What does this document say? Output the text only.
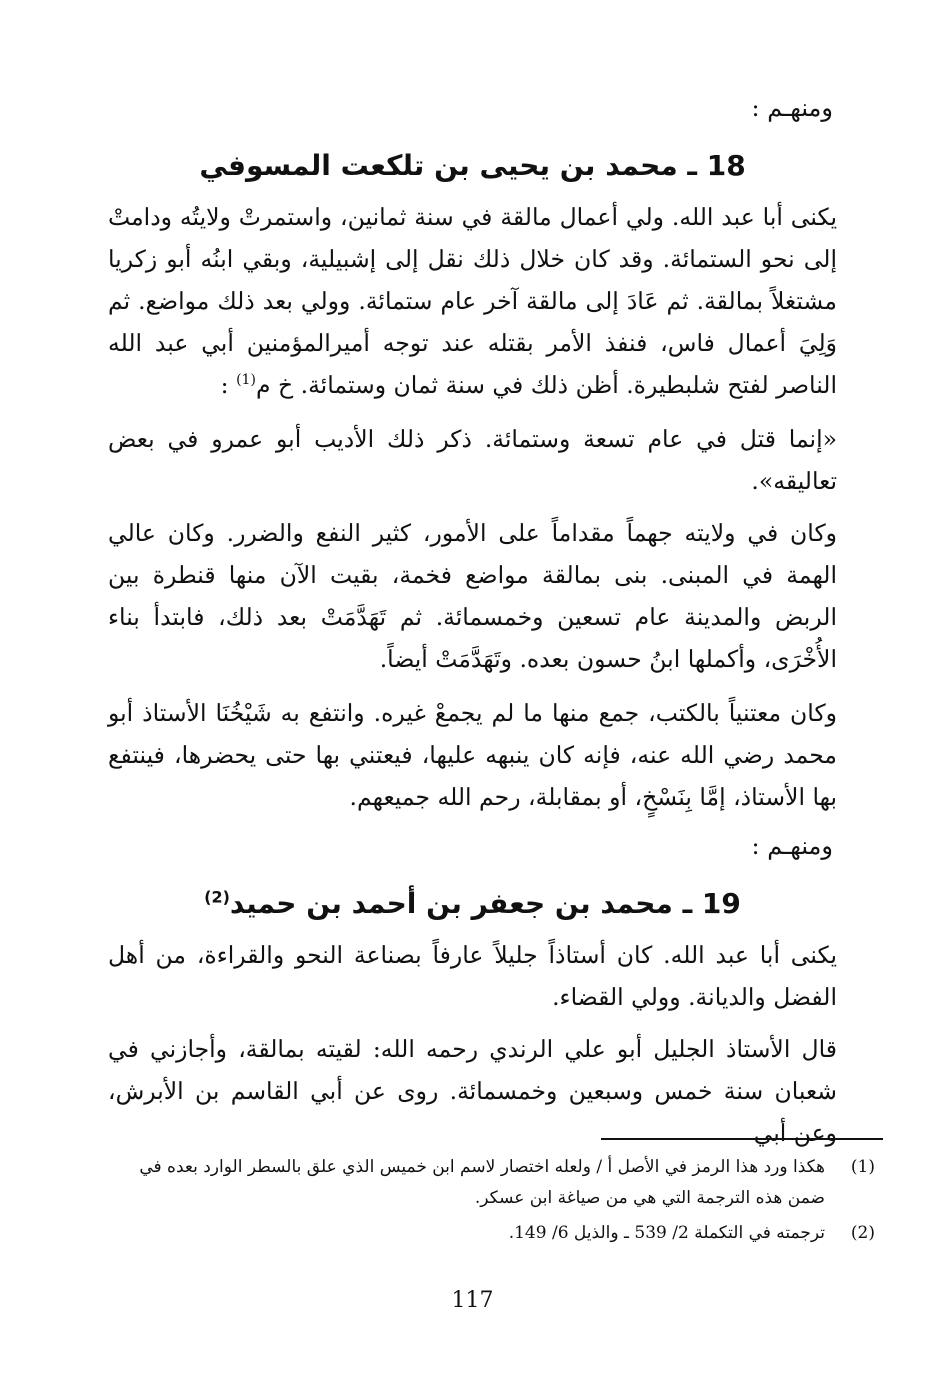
ومنهـم :
18 ـ محمد بن يحيى بن تلكعت المسوفي
يكنى أبا عبد الله. ولي أعمال مالقة في سنة ثمانين، واستمرتْ ولايتُه ودامتْ إلى نحو الستمائة. وقد كان خلال ذلك نقل إلى إشبيلية، وبقي ابنُه أبو زكريا مشتغلاً بمالقة. ثم عَادَ إلى مالقة آخر عام ستمائة. وولي بعد ذلك مواضع. ثم وَلِيَ أعمال فاس، فنفذ الأمر بقتله عند توجه أميرالمؤمنين أبي عبد الله الناصر لفتح شلبطيرة. أظن ذلك في سنة ثمان وستمائة. خ م$^{(1)}$ :
«إنما قتل في عام تسعة وستمائة. ذكر ذلك الأديب أبو عمرو في بعض تعاليقه».
وكان في ولايته جهماً مقداماً على الأمور، كثير النفع والضرر. وكان عالي الهمة في المبنى. بنى بمالقة مواضع فخمة، بقيت الآن منها قنطرة بين الربض والمدينة عام تسعين وخمسمائة. ثم تَهَدَّمَتْ بعد ذلك، فابتدأ بناء الأُخْرَى، وأكملها ابنُ حسون بعده. وتَهَدَّمَتْ أيضاً.
وكان معتنياً بالكتب، جمع منها ما لم يجمعْ غيره. وانتفع به شَيْخُنَا الأستاذ أبو محمد رضي الله عنه، فإنه كان ينبهه عليها، فيعتني بها حتى يحضرها، فينتفع بها الأستاذ، إمَّا بِنَسْخٍ، أو بمقابلة، رحم الله جميعهم.
ومنهـم :
19 ـ محمد بن جعفر بن أحمد بن حميد$^{(2)}$
يكنى أبا عبد الله. كان أستاذاً جليلاً عارفاً بصناعة النحو والقراءة، من أهل الفضل والديانة. وولي القضاء.
قال الأستاذ الجليل أبو علي الرندي رحمه الله: لقيته بمالقة، وأجازني في شعبان سنة خمس وسبعين وخمسمائة. روى عن أبي القاسم بن الأبرش، وعن أبي
(1)
هكذا ورد هذا الرمز في الأصل أ / ولعله اختصار لاسم ابن خميس الذي علق بالسطر الوارد بعده في ضمن هذه الترجمة التي هي من صياغة ابن عسكر.
(2)
ترجمته في التكملة 2/ 539 ـ والذيل 6/ 149.
117
